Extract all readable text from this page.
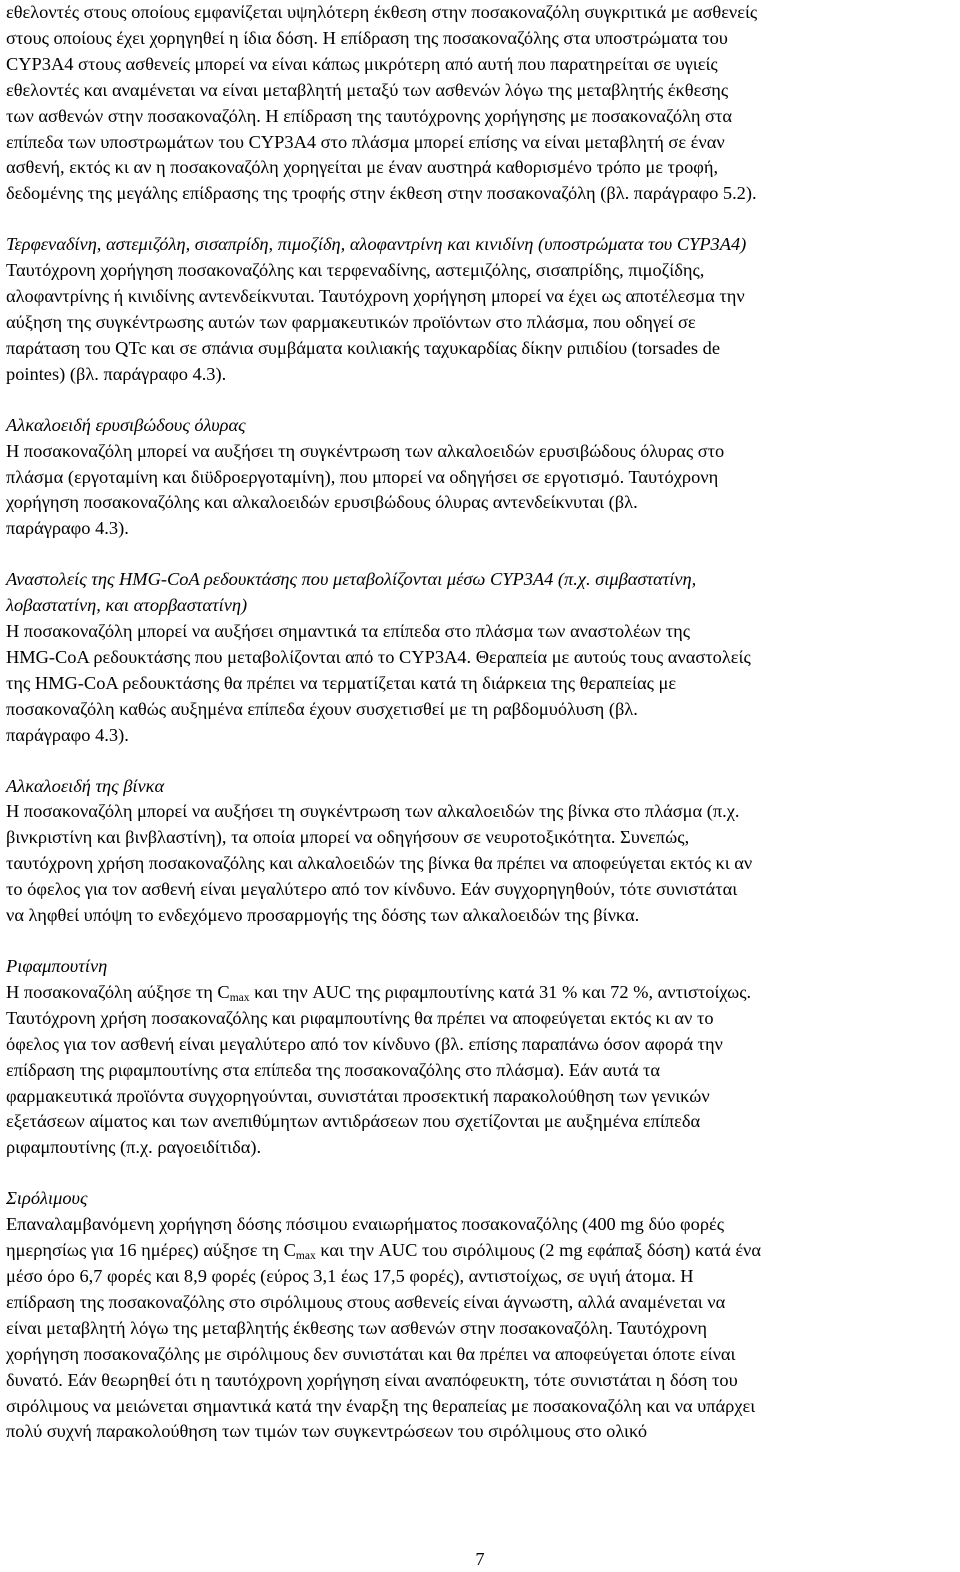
εθελοντές στους οποίους εμφανίζεται υψηλότερη έκθεση στην ποσακοναζόλη συγκριτικά με ασθενείς
στους οποίους έχει χορηγηθεί η ίδια δόση. Η επίδραση της ποσακοναζόλης στα υποστρώματα του
CYP3A4 στους ασθενείς μπορεί να είναι κάπως μικρότερη από αυτή που παρατηρείται σε υγιείς
εθελοντές και αναμένεται να είναι μεταβλητή μεταξύ των ασθενών λόγω της μεταβλητής έκθεσης
των ασθενών στην ποσακοναζόλη. Η επίδραση της ταυτόχρονης χορήγησης με ποσακοναζόλη στα
επίπεδα των υποστρωμάτων του CYP3A4 στο πλάσμα μπορεί επίσης να είναι μεταβλητή σε έναν
ασθενή, εκτός κι αν η ποσακοναζόλη χορηγείται με έναν αυστηρά καθορισμένο τρόπο με τροφή,
δεδομένης της μεγάλης επίδρασης της τροφής στην έκθεση στην ποσακοναζόλη (βλ. παράγραφο 5.2).

Τερφεναδίνη, αστεμιζόλη, σισαπρίδη, πιμοζίδη, αλοφαντρίνη και κινιδίνη (υποστρώματα του CYP3A4)
Ταυτόχρονη χορήγηση ποσακοναζόλης και τερφεναδίνης, αστεμιζόλης, σισαπρίδης, πιμοζίδης,
αλοφαντρίνης ή κινιδίνης αντενδείκνυται. Ταυτόχρονη χορήγηση μπορεί να έχει ως αποτέλεσμα την
αύξηση της συγκέντρωσης αυτών των φαρμακευτικών προϊόντων στο πλάσμα, που οδηγεί σε
παράταση του QTc και σε σπάνια συμβάματα κοιλιακής ταχυκαρδίας δίκην ριπιδίου (torsades de
pointes) (βλ. παράγραφο 4.3).
Αλκαλοειδή ερυσιβώδους όλυρας
Η ποσακοναζόλη μπορεί να αυξήσει τη συγκέντρωση των αλκαλοειδών ερυσιβώδους όλυρας στο
πλάσμα (εργοταμίνη και διϋδροεργοταμίνη), που μπορεί να οδηγήσει σε εργοτισμό. Ταυτόχρονη
χορήγηση ποσακοναζόλης και αλκαλοειδών ερυσιβώδους όλυρας αντενδείκνυται (βλ.
παράγραφο 4.3).
Αναστολείς της HMG-CoA ρεδουκτάσης που μεταβολίζονται μέσω CYP3A4 (π.χ. σιμβαστατίνη,
λοβαστατίνη, και ατορβαστατίνη)
Η ποσακοναζόλη μπορεί να αυξήσει σημαντικά τα επίπεδα στο πλάσμα των αναστολέων της
HMG-CoA ρεδουκτάσης που μεταβολίζονται από το CYP3A4. Θεραπεία με αυτούς τους αναστολείς
της HMG-CoA ρεδουκτάσης θα πρέπει να τερματίζεται κατά τη διάρκεια της θεραπείας με
ποσακοναζόλη καθώς αυξημένα επίπεδα έχουν συσχετισθεί με τη ραβδομυόλυση (βλ.
παράγραφο 4.3).
Αλκαλοειδή της βίνκα
Η ποσακοναζόλη μπορεί να αυξήσει τη συγκέντρωση των αλκαλοειδών της βίνκα στο πλάσμα (π.χ.
βινκριστίνη και βινβλαστίνη), τα οποία μπορεί να οδηγήσουν σε νευροτοξικότητα. Συνεπώς,
ταυτόχρονη χρήση ποσακοναζόλης και αλκαλοειδών της βίνκα θα πρέπει να αποφεύγεται εκτός κι αν
το όφελος για τον ασθενή είναι μεγαλύτερο από τον κίνδυνο. Εάν συγχορηγηθούν, τότε συνιστάται
να ληφθεί υπόψη το ενδεχόμενο προσαρμογής της δόσης των αλκαλοειδών της βίνκα.
Ριφαμπουτίνη
Η ποσακοναζόλη αύξησε τη $C_{max}$ και την AUC της ριφαμπουτίνης κατά 31 % και 72 %, αντιστοίχως.
Ταυτόχρονη χρήση ποσακοναζόλης και ριφαμπουτίνης θα πρέπει να αποφεύγεται εκτός κι αν το
όφελος για τον ασθενή είναι μεγαλύτερο από τον κίνδυνο (βλ. επίσης παραπάνω όσον αφορά την
επίδραση της ριφαμπουτίνης στα επίπεδα της ποσακοναζόλης στο πλάσμα). Εάν αυτά τα
φαρμακευτικά προϊόντα συγχορηγούνται, συνιστάται προσεκτική παρακολούθηση των γενικών
εξετάσεων αίματος και των ανεπιθύμητων αντιδράσεων που σχετίζονται με αυξημένα επίπεδα
ριφαμπουτίνης (π.χ. ραγοειδίτιδα).
Σιρόλιμους
Επαναλαμβανόμενη χορήγηση δόσης πόσιμου εναιωρήματος ποσακοναζόλης (400 mg δύο φορές
ημερησίως για 16 ημέρες) αύξησε τη $C_{max}$ και την AUC του σιρόλιμους (2 mg εφάπαξ δόση) κατά ένα
μέσο όρο 6,7 φορές και 8,9 φορές (εύρος 3,1 έως 17,5 φορές), αντιστοίχως, σε υγιή άτομα. Η
επίδραση της ποσακοναζόλης στο σιρόλιμους στους ασθενείς είναι άγνωστη, αλλά αναμένεται να
είναι μεταβλητή λόγω της μεταβλητής έκθεσης των ασθενών στην ποσακοναζόλη. Ταυτόχρονη
χορήγηση ποσακοναζόλης με σιρόλιμους δεν συνιστάται και θα πρέπει να αποφεύγεται όποτε είναι
δυνατό. Εάν θεωρηθεί ότι η ταυτόχρονη χορήγηση είναι αναπόφευκτη, τότε συνιστάται η δόση του
σιρόλιμους να μειώνεται σημαντικά κατά την έναρξη της θεραπείας με ποσακοναζόλη και να υπάρχει
πολύ συχνή παρακολούθηση των τιμών των συγκεντρώσεων του σιρόλιμους στο ολικό
7
